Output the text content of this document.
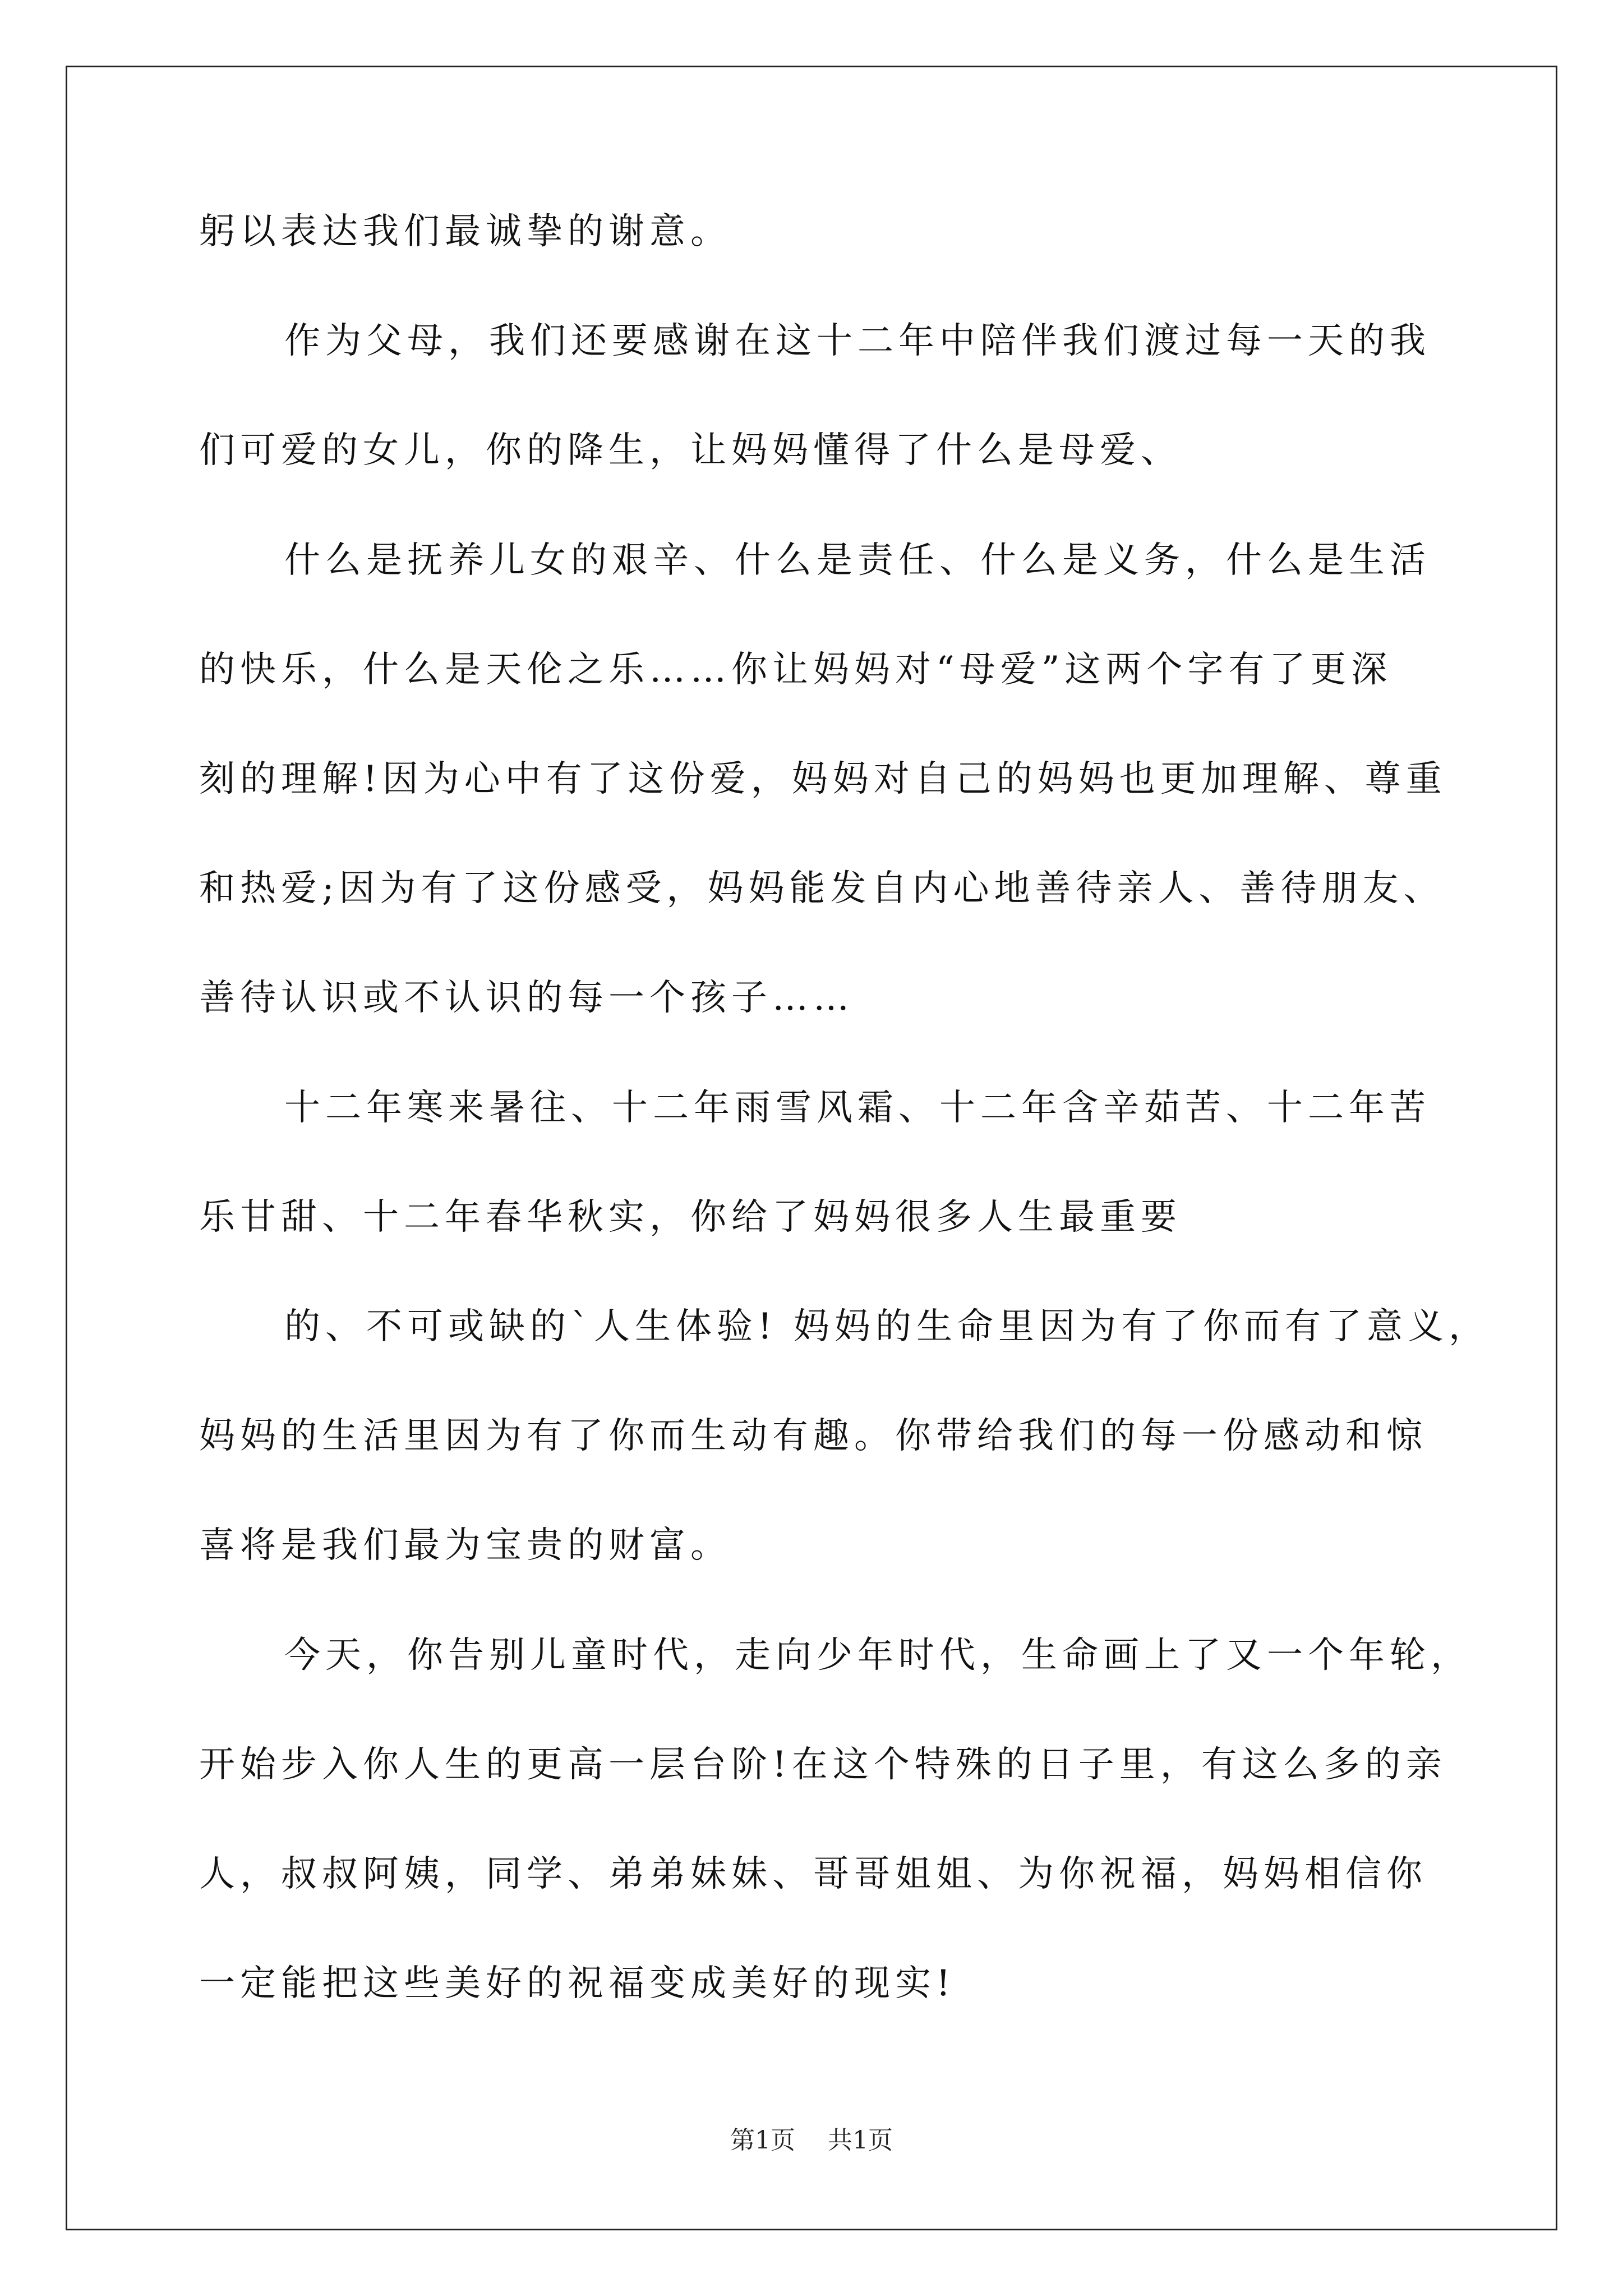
躬以表达我们最诚挚的谢意。
作为父母，我们还要感谢在这十二年中陪伴我们渡过每一天的我
们可爱的女儿，你的降生，让妈妈懂得了什么是母爱、
什么是抚养儿女的艰辛、什么是责任、什么是义务，什么是生活
的快乐，什么是天伦之乐……你让妈妈对“母爱”这两个字有了更深
刻的理解!因为心中有了这份爱，妈妈对自己的妈妈也更加理解、尊重
和热爱;因为有了这份感受，妈妈能发自内心地善待亲人、善待朋友、
善待认识或不认识的每一个孩子……
十二年寒来暑往、十二年雨雪风霜、十二年含辛茹苦、十二年苦
乐甘甜、十二年春华秋实，你给了妈妈很多人生最重要
的、不可或缺的`人生体验! 妈妈的生命里因为有了你而有了意义，
妈妈的生活里因为有了你而生动有趣。你带给我们的每一份感动和惊
喜将是我们最为宝贵的财富。
今天，你告别儿童时代，走向少年时代，生命画上了又一个年轮，
开始步入你人生的更高一层台阶!在这个特殊的日子里，有这么多的亲
人，叔叔阿姨，同学、弟弟妹妹、哥哥姐姐、为你祝福，妈妈相信你
一定能把这些美好的祝福变成美好的现实!
第1页 共1页
